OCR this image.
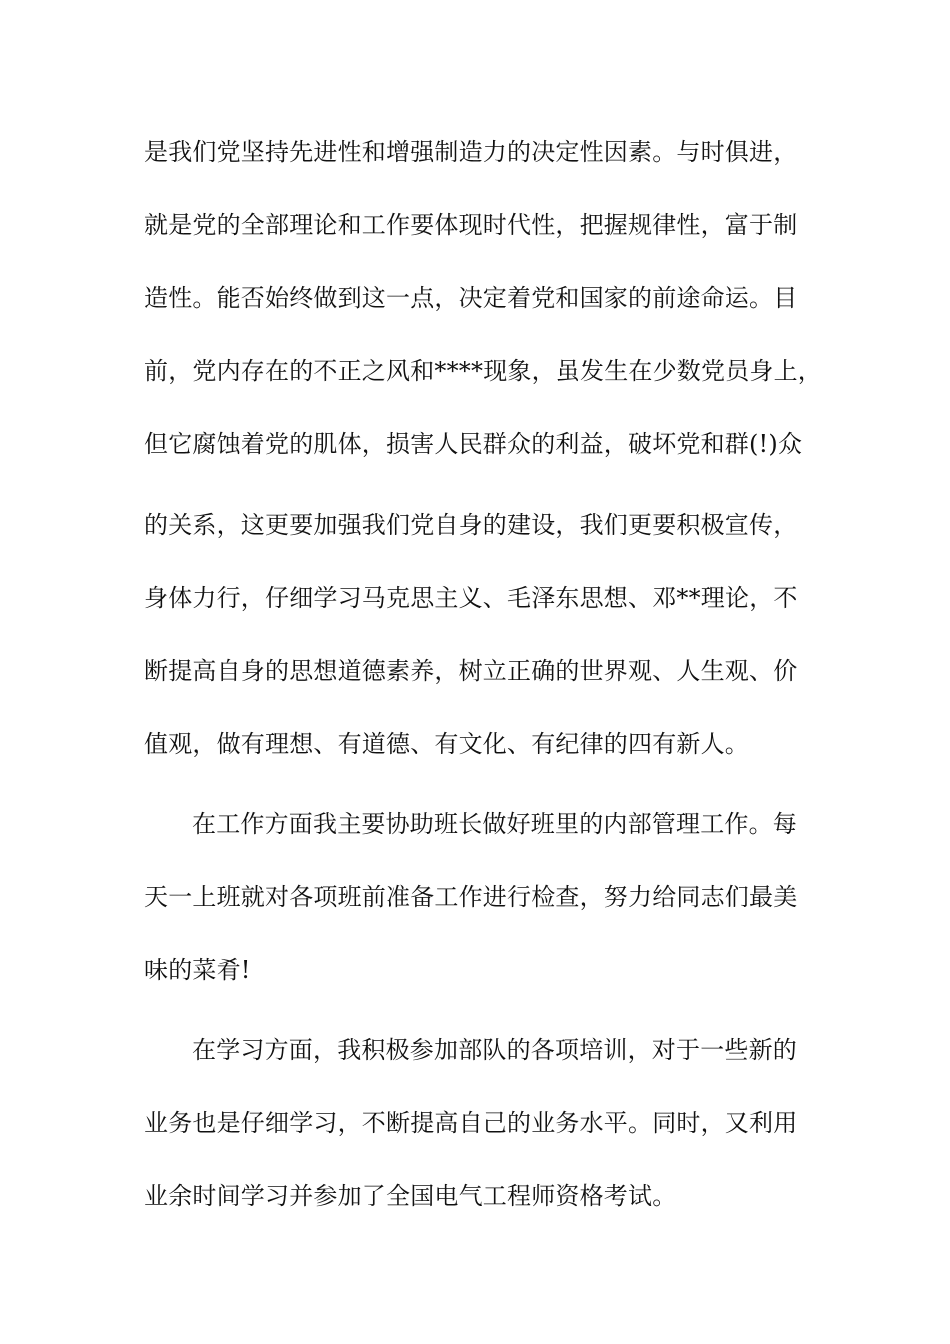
是我们党坚持先进性和增强制造力的决定性因素。与时俱进，
就是党的全部理论和工作要体现时代性，把握规律性，富于制
造性。能否始终做到这一点，决定着党和国家的前途命运。目
前，党内存在的不正之风和****现象，虽发生在少数党员身上，
但它腐蚀着党的肌体，损害人民群众的利益，破坏党和群(!)众
的关系，这更要加强我们党自身的建设，我们更要积极宣传，
身体力行，仔细学习马克思主义、毛泽东思想、邓**理论，不
断提高自身的思想道德素养，树立正确的世界观、人生观、价
值观，做有理想、有道德、有文化、有纪律的四有新人。
在工作方面我主要协助班长做好班里的内部管理工作。每
天一上班就对各项班前准备工作进行检查，努力给同志们最美
味的菜肴!
在学习方面，我积极参加部队的各项培训，对于一些新的
业务也是仔细学习，不断提高自己的业务水平。同时，又利用
业余时间学习并参加了全国电气工程师资格考试。
